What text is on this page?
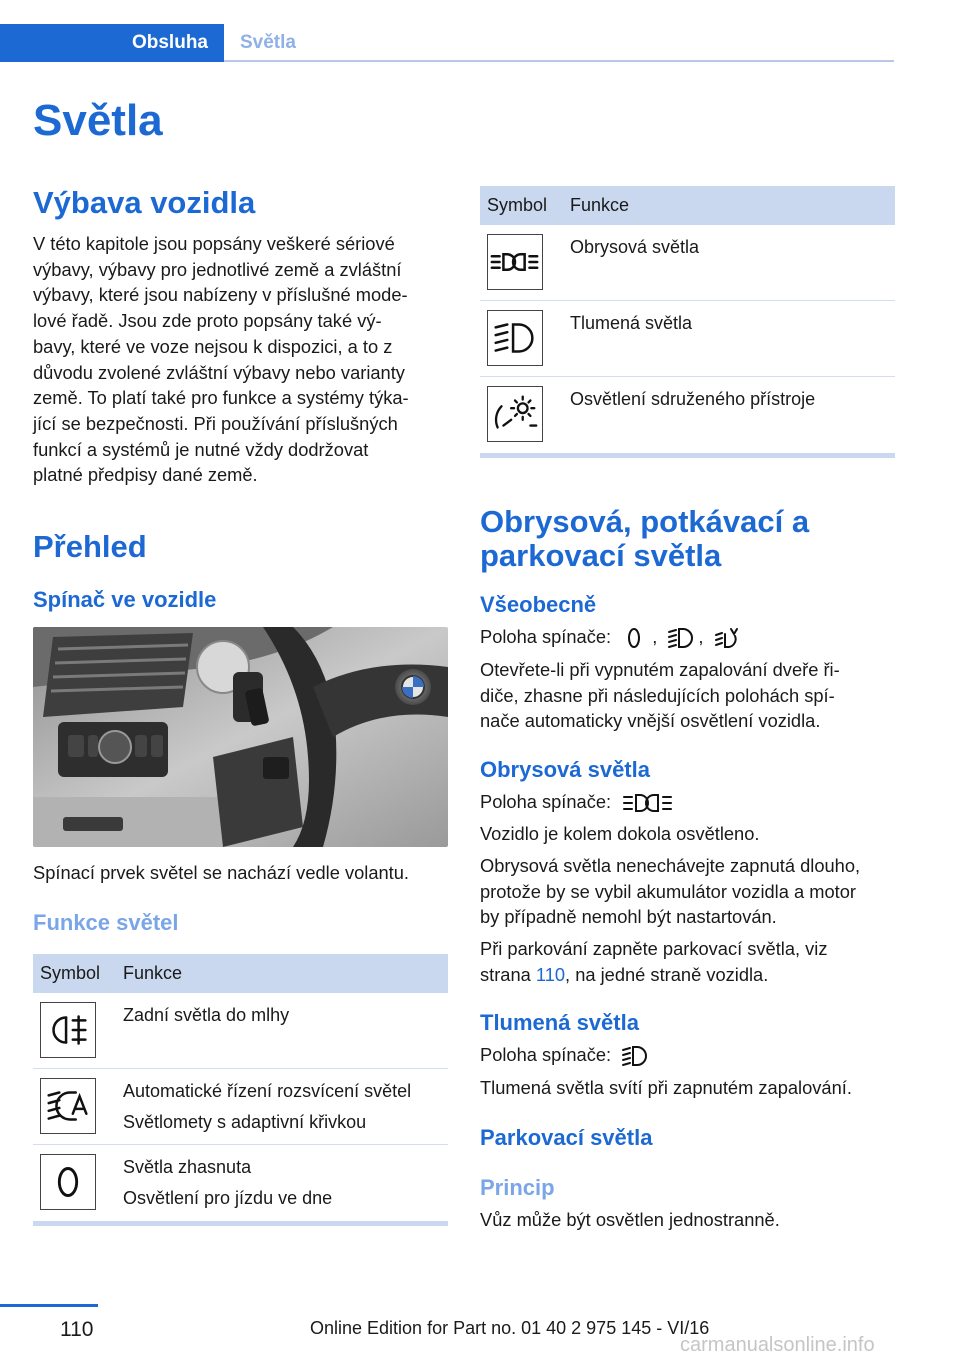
Obsluha	Světla
Světla
Výbava vozidla
V této kapitole jsou popsány veškeré sériové
výbavy, výbavy pro jednotlivé země a zvláštní
výbavy, které jsou nabízeny v příslušné mode‐
lové řadě. Jsou zde proto popsány také vý‐
bavy, které ve voze nejsou k dispozici, a to z
důvodu zvolené zvláštní výbavy nebo varianty
země. To platí také pro funkce a systémy týka‐
jící se bezpečnosti. Při používání příslušných
funkcí a systémů je nutné vždy dodržovat
platné předpisy dané země.
Přehled
Spínač ve vozidle
Spínací prvek světel se nachází vedle volantu.
Funkce světel
Symbol Funkce
Zadní světla do mlhy
Automatické řízení rozsvícení světel
Světlomety s adaptivní křivkou
Světla zhasnuta
Osvětlení pro jízdu ve dne
Symbol Funkce
Obrysová světla
Tlumená světla
Osvětlení sdruženého přístroje
Obrysová, potkávací a
parkovací světla
Všeobecně
Poloha spínače: , ,
Otevřete-li při vypnutém zapalování dveře ři‐
diče, zhasne při následujících polohách spí‐
nače automaticky vnější osvětlení vozidla.
Obrysová světla
Poloha spínače:
Vozidlo je kolem dokola osvětleno.
Obrysová světla nenechávejte zapnutá dlouho,
protože by se vybil akumulátor vozidla a motor
by případně nemohl být nastartován.
Při parkování zapněte parkovací světla, viz
strana 110, na jedné straně vozidla.
Tlumená světla
Poloha spínače:
Tlumená světla svítí při zapnutém zapalování.
Parkovací světla
Princip
Vůz může být osvětlen jednostranně.
110	Online Edition for Part no. 01 40 2 975 145 - VI/16
carmanualsonline.info
